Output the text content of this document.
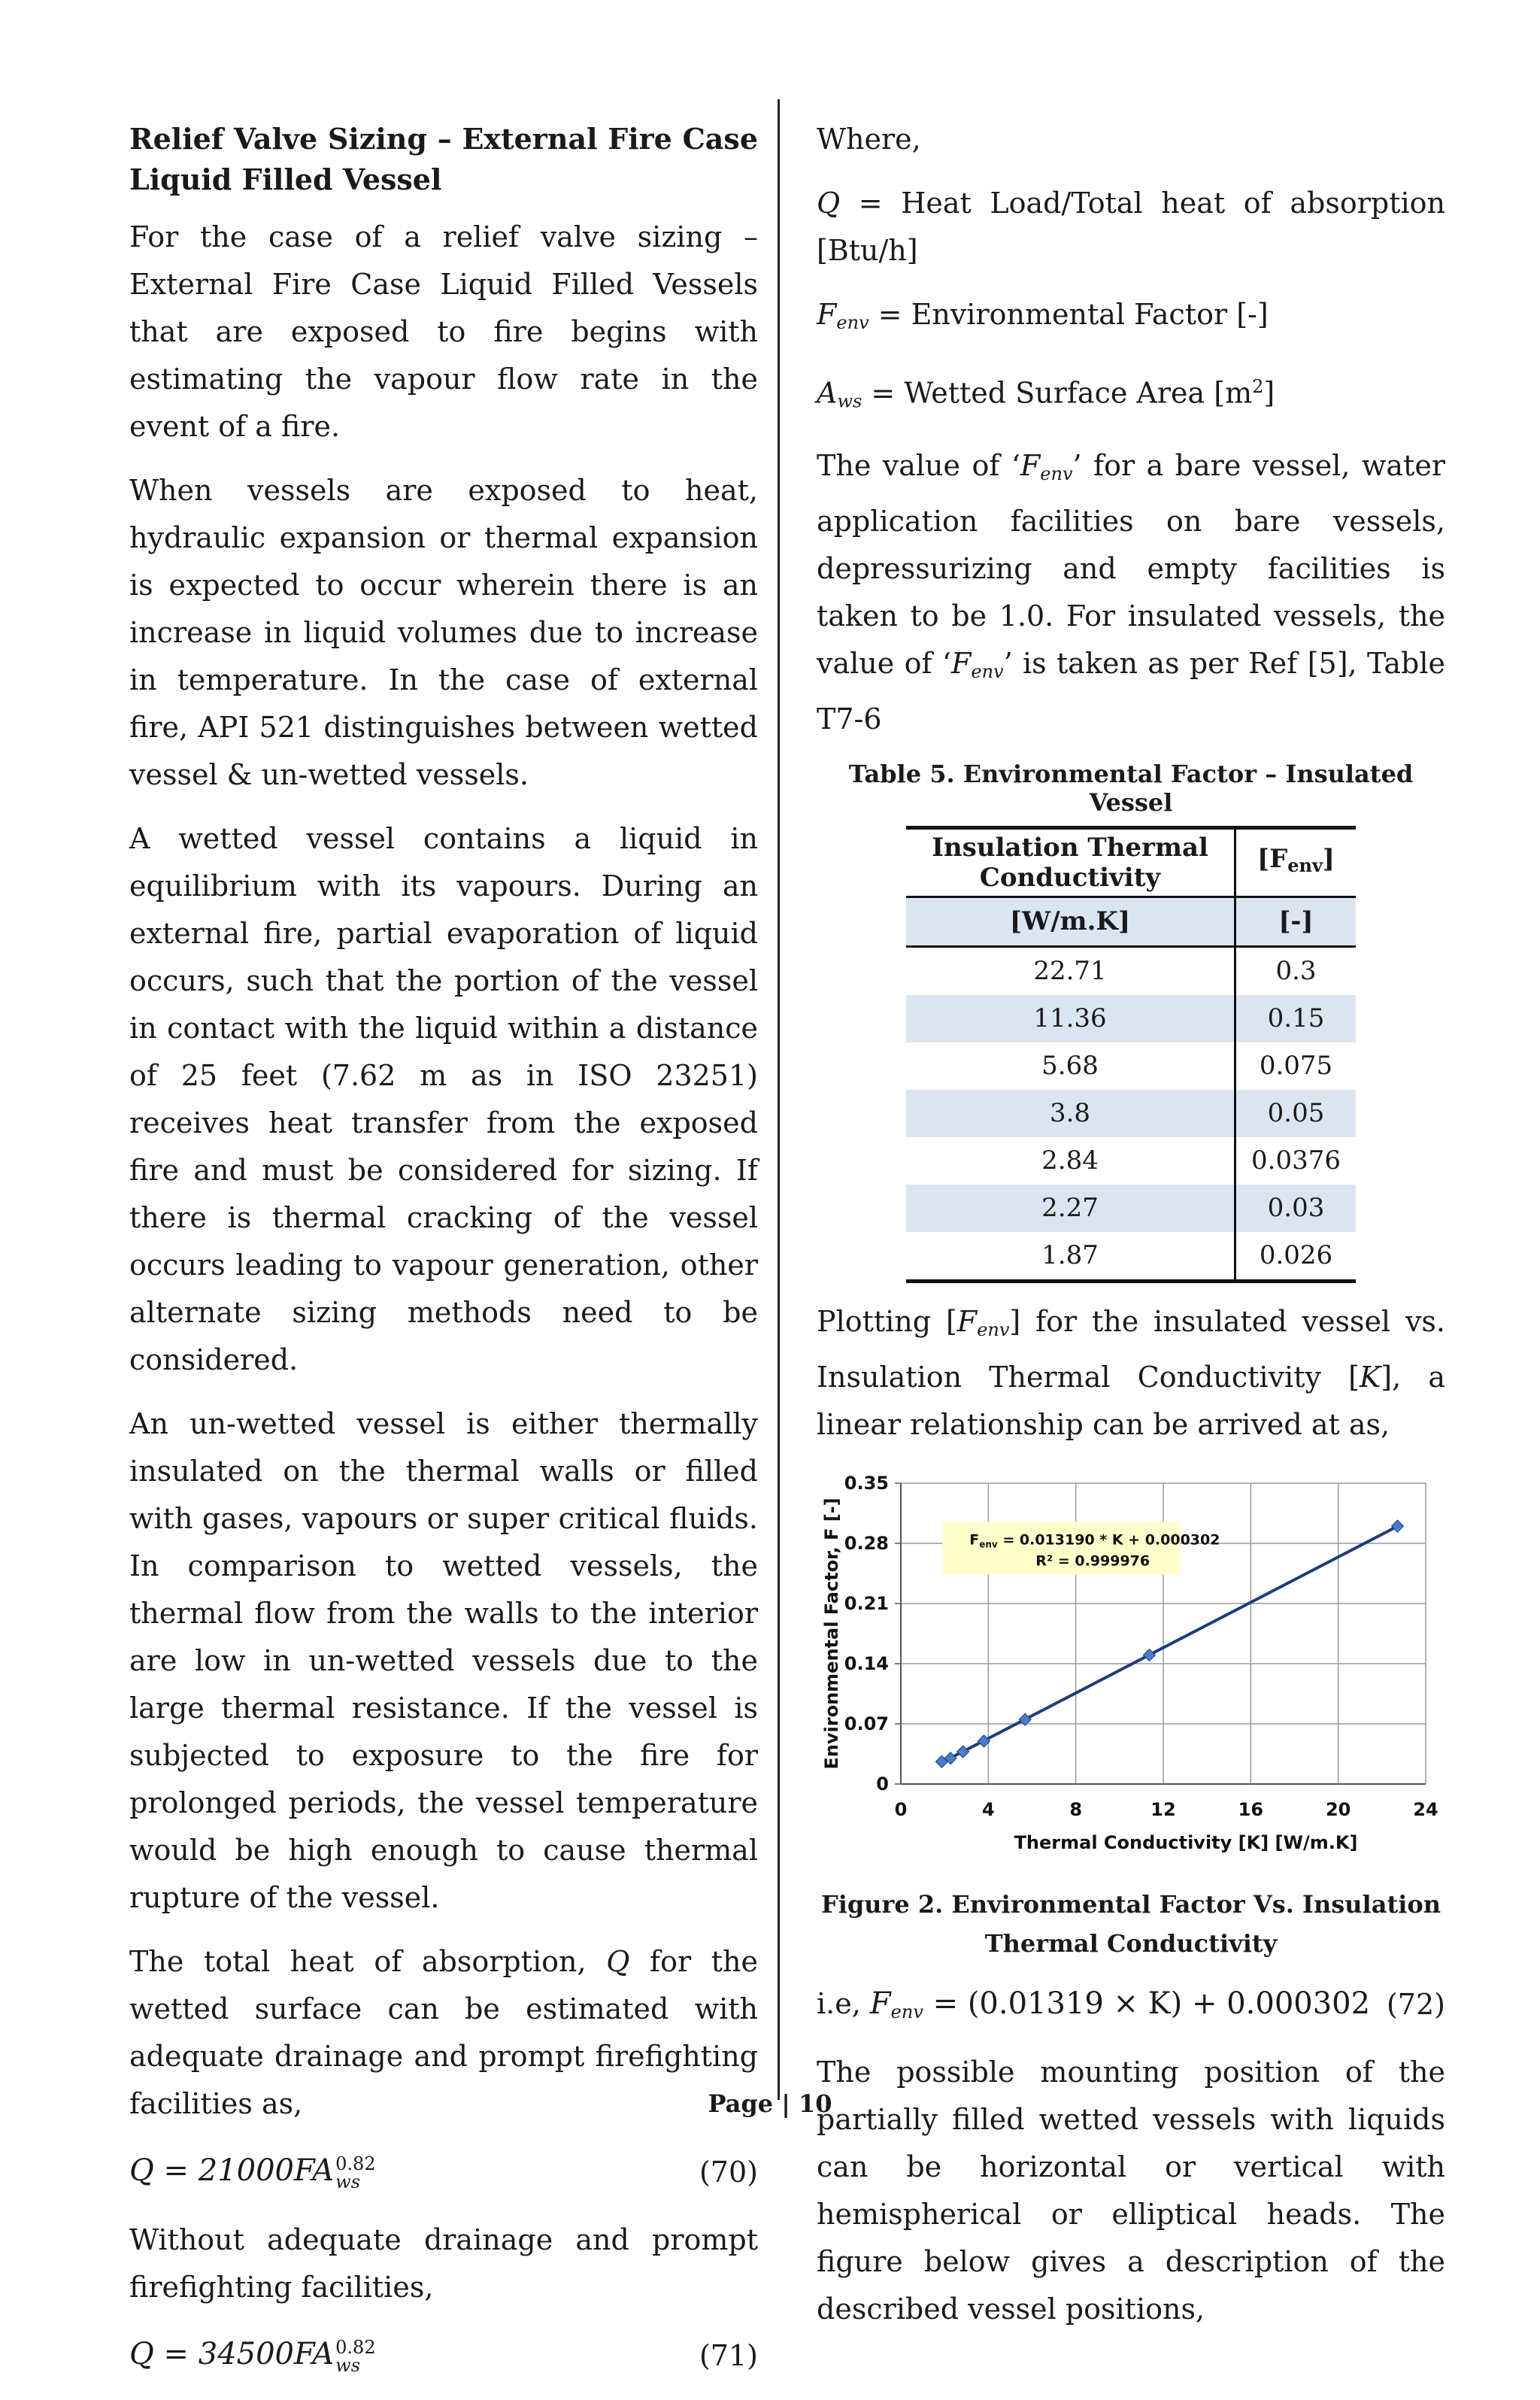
Relief Valve Sizing – External Fire Case Liquid Filled Vessel

For the case of a relief valve sizing – External Fire Case Liquid Filled Vessels that are exposed to fire begins with estimating the vapour flow rate in the event of a fire.

When vessels are exposed to heat, hydraulic expansion or thermal expansion is expected to occur wherein there is an increase in liquid volumes due to increase in temperature. In the case of external fire, API 521 distinguishes between wetted vessel & un-wetted vessels.

A wetted vessel contains a liquid in equilibrium with its vapours. During an external fire, partial evaporation of liquid occurs, such that the portion of the vessel in contact with the liquid within a distance of 25 feet (7.62 m as in ISO 23251) receives heat transfer from the exposed fire and must be considered for sizing. If there is thermal cracking of the vessel occurs leading to vapour generation, other alternate sizing methods need to be considered.

An un-wetted vessel is either thermally insulated on the thermal walls or filled with gases, vapours or super critical fluids. In comparison to wetted vessels, the thermal flow from the walls to the interior are low in un-wetted vessels due to the large thermal resistance. If the vessel is subjected to exposure to the fire for prolonged periods, the vessel temperature would be high enough to cause thermal rupture of the vessel.

The total heat of absorption, Q for the wetted surface can be estimated with adequate drainage and prompt firefighting facilities as,

Q = 21000FA 0.82
ws	(70)

Without adequate drainage and prompt firefighting facilities,

Q = 34500FA 0.82
ws	(71)

Where,

Q = Heat Load/Total heat of absorption [Btu/h]

$F_{env}$ = Environmental Factor [-]

$A_{ws}$ = Wetted Surface Area $[m^2]$

The value of ‘$F_{env}$’ for a bare vessel, water application facilities on bare vessels, depressurizing and empty facilities is taken to be 1.0. For insulated vessels, the value of ‘$F_{env}$’ is taken as per Ref [5], Table T7-6

Table 5. Environmental Factor – Insulated Vessel
Insulation Thermal Conductivity	[Fenv]
[W/m.K]	[-]
22.71	0.3
11.36	0.15
5.68	0.075
3.8	0.05
2.84	0.0376
2.27	0.03
1.87	0.026

Plotting $[F_{env}]$ for the insulated vessel vs. Insulation Thermal Conductivity [K], a linear relationship can be arrived at as,

0	4	8	12	16	20	24
0
0.07
0.14
0.21
0.28
0.35
$F_{env} = 0.013190 * K + 0.000302$
R² = 0.999976
Thermal Conductivity [K] [W/m.K]
Environmental Factor, F [-]
Figure 2. Environmental Factor Vs. Insulation
Thermal Conductivity
i.e, $F_{env} = (0.01319 \times K) + 0.000302$ (72)

The possible mounting position of the partially filled wetted vessels with liquids can be horizontal or vertical with hemispherical or elliptical heads. The figure below gives a description of the described vessel positions,

Page | 10
